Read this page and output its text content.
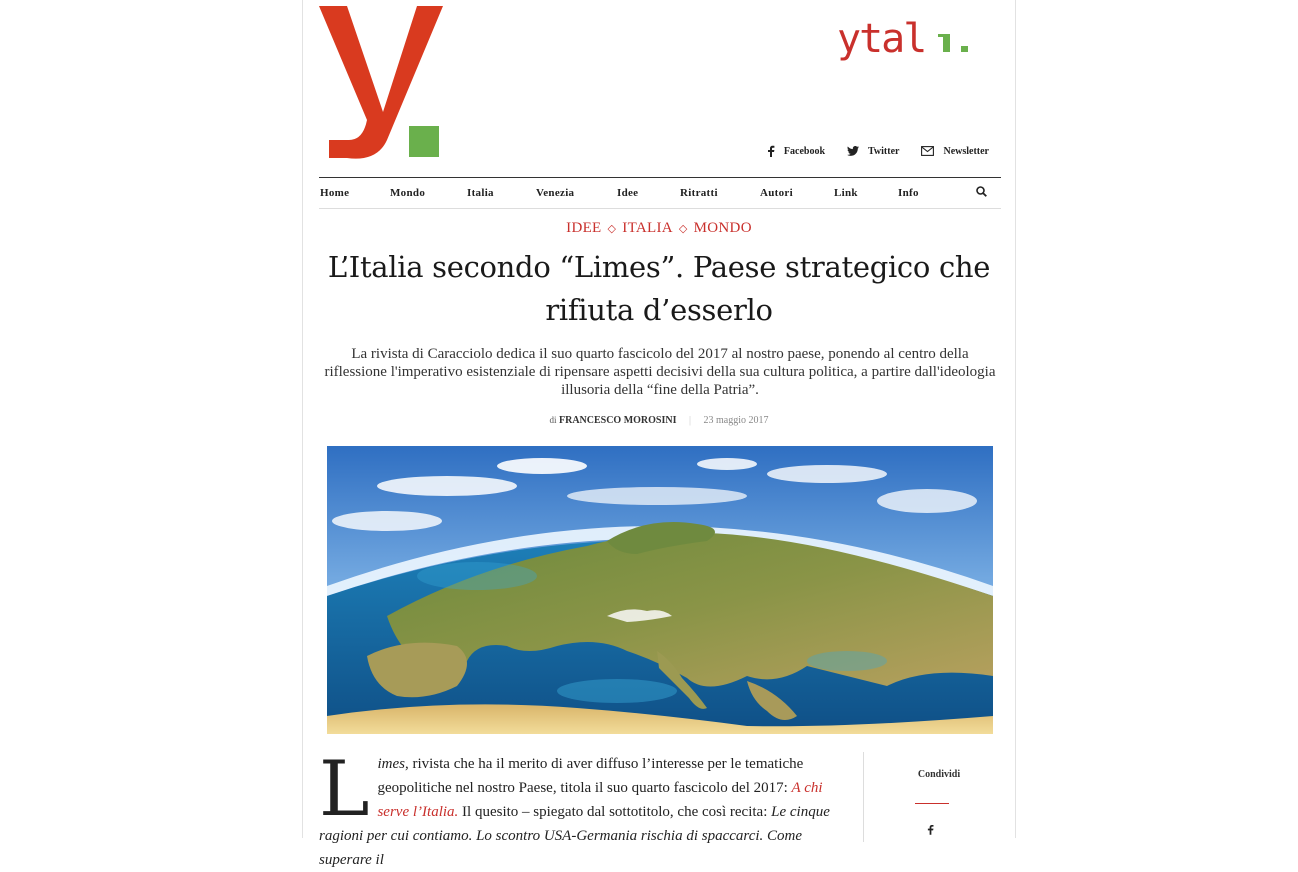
ytal
Facebook	Twitter	Newsletter
Home	Mondo	Italia	Venezia	Idee	Ritratti	Autori	Link	Info
IDEE ◇ ITALIA ◇ MONDO
L’Italia secondo “Limes”. Paese strategico che rifiuta d’esserlo
La rivista di Caracciolo dedica il suo quarto fascicolo del 2017 al nostro paese, ponendo al centro della riflessione l'imperativo esistenziale di ripensare aspetti decisivi della sua cultura politica, a partire dall'ideologia illusoria della “fine della Patria”.
di FRANCESCO MOROSINI | 23 maggio 2017
L imes, rivista che ha il merito di aver diffuso l’interesse per le tematiche geopolitiche nel nostro Paese, titola il suo quarto fascicolo del 2017: A chi serve l’Italia. Il quesito – spiegato dal sottotitolo, che così recita: Le cinque ragioni per cui contiamo. Lo scontro USA-Germania rischia di spaccarci. Come superare il
Condividi
